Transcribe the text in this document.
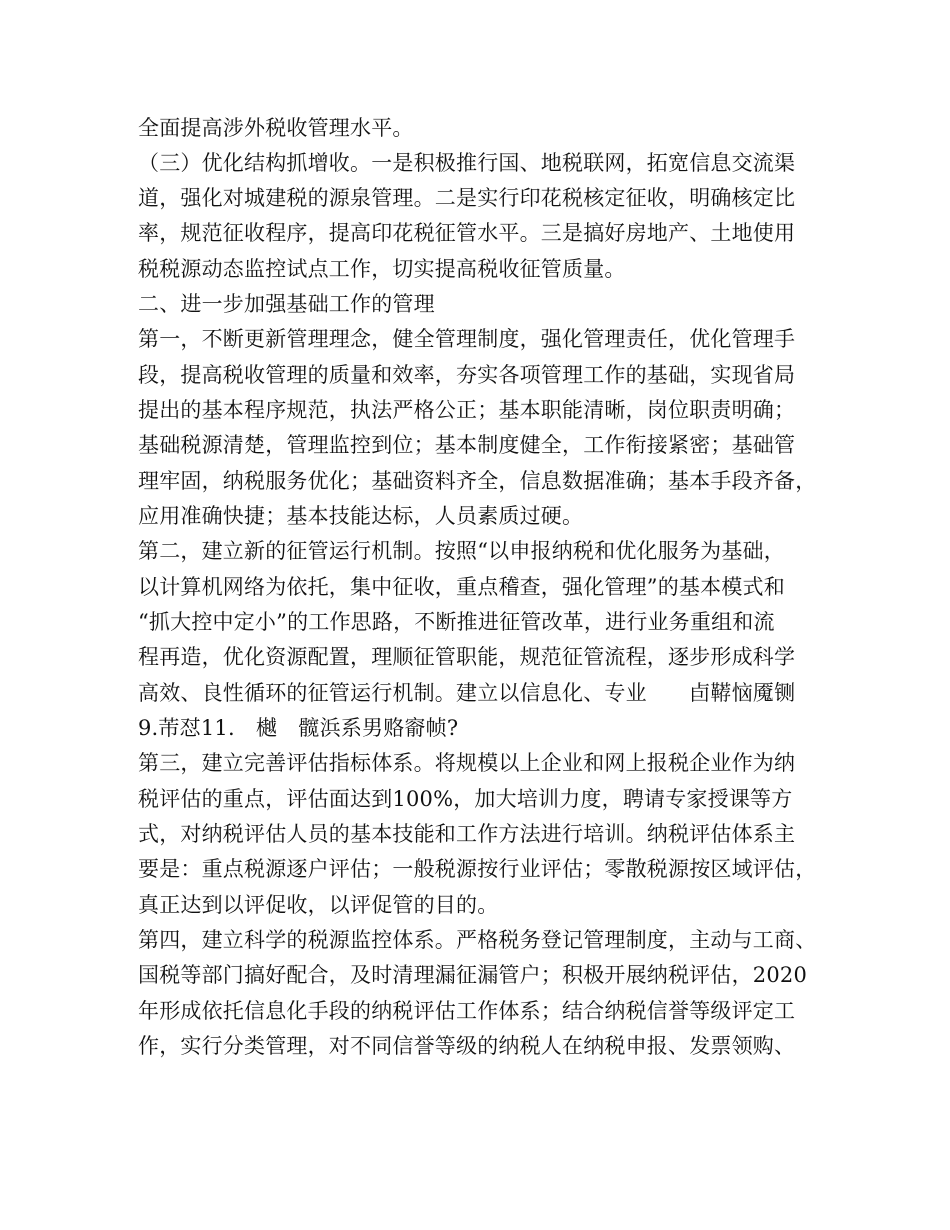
全面提高涉外税收管理水平。
（三）优化结构抓增收。一是积极推行国、地税联网，拓宽信息交流渠
道，强化对城建税的源泉管理。二是实行印花税核定征收，明确核定比
率，规范征收程序，提高印花税征管水平。三是搞好房地产、土地使用
税税源动态监控试点工作，切实提高税收征管质量。
二、进一步加强基础工作的管理
第一，不断更新管理理念，健全管理制度，强化管理责任，优化管理手
段，提高税收管理的质量和效率，夯实各项管理工作的基础，实现省局
提出的基本程序规范，执法严格公正；基本职能清晰，岗位职责明确；
基础税源清楚，管理监控到位；基本制度健全，工作衔接紧密；基础管
理牢固，纳税服务优化；基础资料齐全，信息数据准确；基本手段齐备，
应用准确快捷；基本技能达标，人员素质过硬。
第二，建立新的征管运行机制。按照“以申报纳税和优化服务为基础，
以计算机网络为依托，集中征收，重点稽查，强化管理”的基本模式和
“抓大控中定小”的工作思路，不断推进征管改革，进行业务重组和流
程再造，优化资源配置，理顺征管职能，规范征管流程，逐步形成科学
高效、良性循环的征管运行机制。建立以信息化、专业　　卣鞯恼魇铡
9.芾怼11.　樾　髋浜系男赂窬帧?
第三，建立完善评估指标体系。将规模以上企业和网上报税企业作为纳
税评估的重点，评估面达到100%，加大培训力度，聘请专家授课等方
式，对纳税评估人员的基本技能和工作方法进行培训。纳税评估体系主
要是：重点税源逐户评估；一般税源按行业评估；零散税源按区域评估，
真正达到以评促收，以评促管的目的。
第四，建立科学的税源监控体系。严格税务登记管理制度，主动与工商、
国税等部门搞好配合，及时清理漏征漏管户；积极开展纳税评估，2020
年形成依托信息化手段的纳税评估工作体系；结合纳税信誉等级评定工
作，实行分类管理，对不同信誉等级的纳税人在纳税申报、发票领购、
